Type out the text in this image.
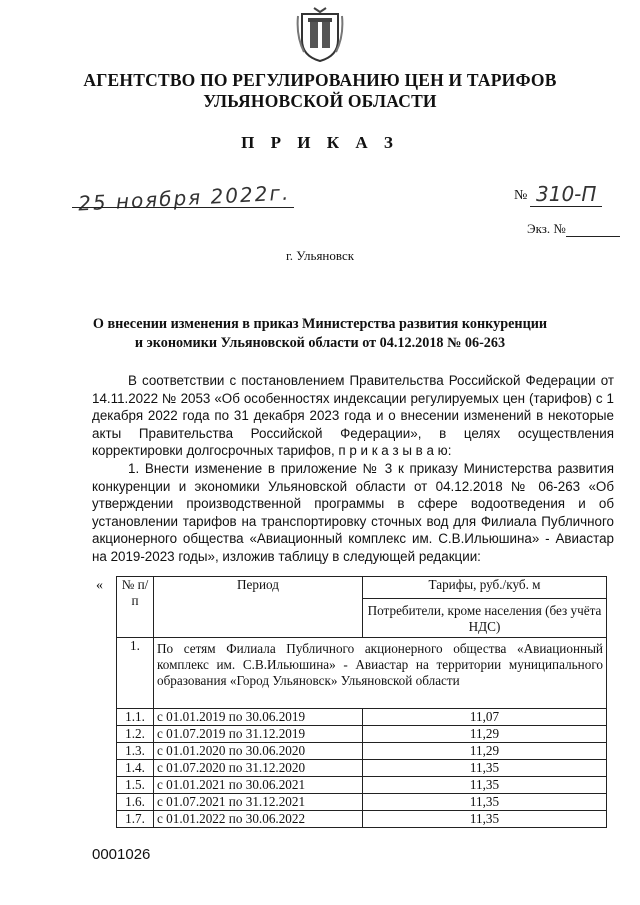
АГЕНТСТВО ПО РЕГУЛИРОВАНИЮ ЦЕН И ТАРИФОВ
УЛЬЯНОВСКОЙ ОБЛАСТИ
П Р И К А З
25 ноября 2022г.	№ 310-П
Экз. №
г. Ульяновск
О внесении изменения в приказ Министерства развития конкуренции
и экономики Ульяновской области от 04.12.2018 № 06-263
В соответствии с постановлением Правительства Российской Федерации от 14.11.2022 № 2053 «Об особенностях индексации регулируемых цен (тарифов) с 1 декабря 2022 года по 31 декабря 2023 года и о внесении изменений в некоторые акты Правительства Российской Федерации», в целях осуществления корректировки долгосрочных тарифов, п р и к а з ы в а ю:
1. Внести изменение в приложение № 3 к приказу Министерства развития конкуренции и экономики Ульяновской области от 04.12.2018 № 06-263 «Об утверждении производственной программы в сфере водоотведения и об установлении тарифов на транспортировку сточных вод для Филиала Публичного акционерного общества «Авиационный комплекс им. С.В.Ильюшина» - Авиастар на 2019-2023 годы», изложив таблицу в следующей редакции:
« № п/п	Период	Тарифы, руб./куб. м
		Потребители, кроме населения (без учёта НДС)
1.	По сетям Филиала Публичного акционерного общества «Авиационный комплекс им. С.В.Ильюшина» - Авиастар на территории муниципального образования «Город Ульяновск» Ульяновской области	
1.1.	с 01.01.2019 по 30.06.2019	11,07
1.2.	с 01.07.2019 по 31.12.2019	11,29
1.3.	с 01.01.2020 по 30.06.2020	11,29
1.4.	с 01.07.2020 по 31.12.2020	11,35
1.5.	с 01.01.2021 по 30.06.2021	11,35
1.6.	с 01.07.2021 по 31.12.2021	11,35
1.7.	с 01.01.2022 по 30.06.2022	11,35
0001026
